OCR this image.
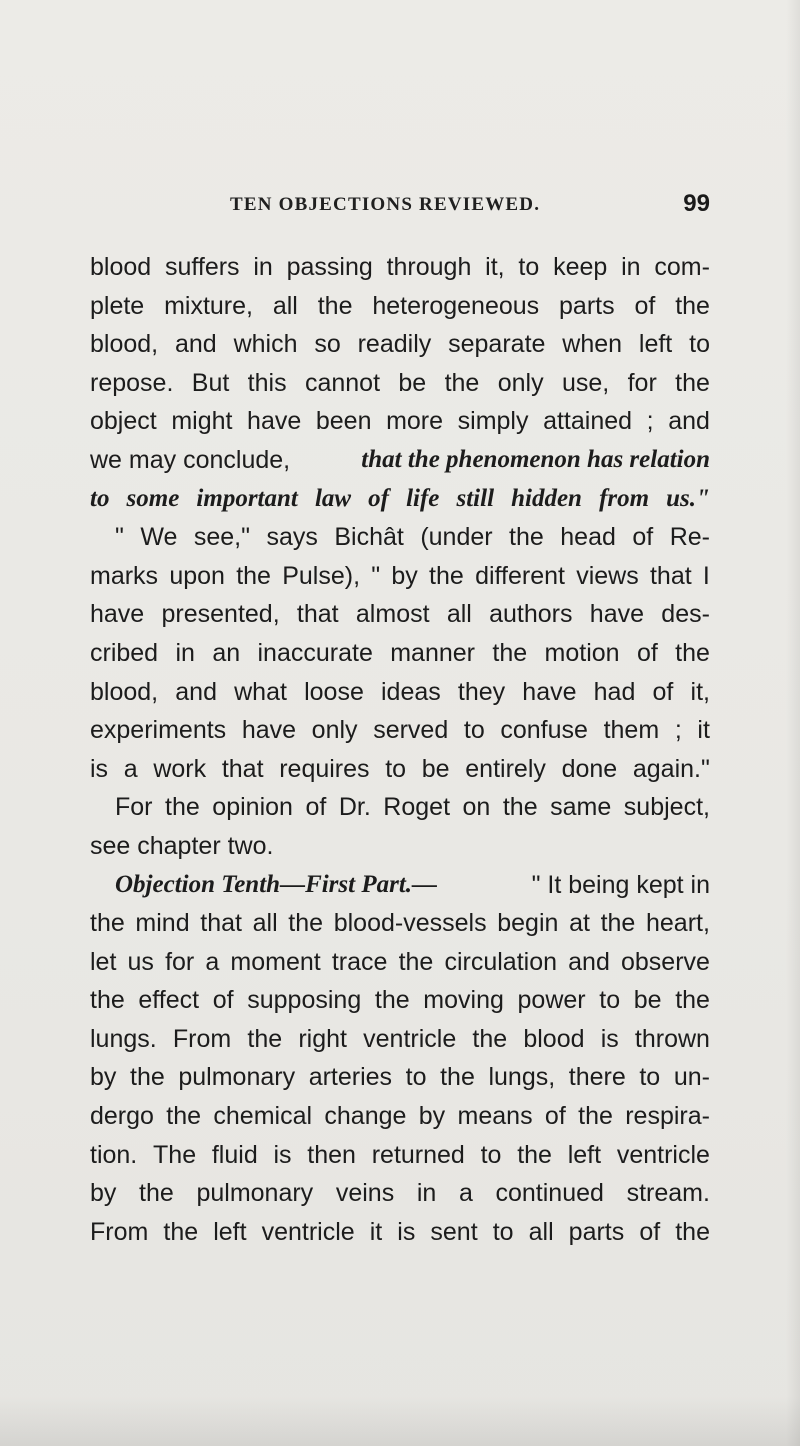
TEN OBJECTIONS REVIEWED.	99
blood suffers in passing through it, to keep in com-
plete mixture, all the heterogeneous parts of the
blood, and which so readily separate when left to
repose. But this cannot be the only use, for the
object might have been more simply attained ; and
we may conclude,	that the phenomenon has relation
to some important law of life still hidden from us."
" We see," says Bichât (under the head of Re-
marks upon the Pulse), " by the different views that I
have presented, that almost all authors have des-
cribed in an inaccurate manner the motion of the
blood, and what loose ideas they have had of it,
experiments have only served to confuse them ; it
is a work that requires to be entirely done again."
For the opinion of Dr. Roget on the same subject,
see chapter two.
Objection Tenth—First Part.—	" It being kept in
the mind that all the blood-vessels begin at the heart,
let us for a moment trace the circulation and observe
the effect of supposing the moving power to be the
lungs. From the right ventricle the blood is thrown
by the pulmonary arteries to the lungs, there to un-
dergo the chemical change by means of the respira-
tion. The fluid is then returned to the left ventricle
by the pulmonary veins in a continued stream.
From the left ventricle it is sent to all parts of the
